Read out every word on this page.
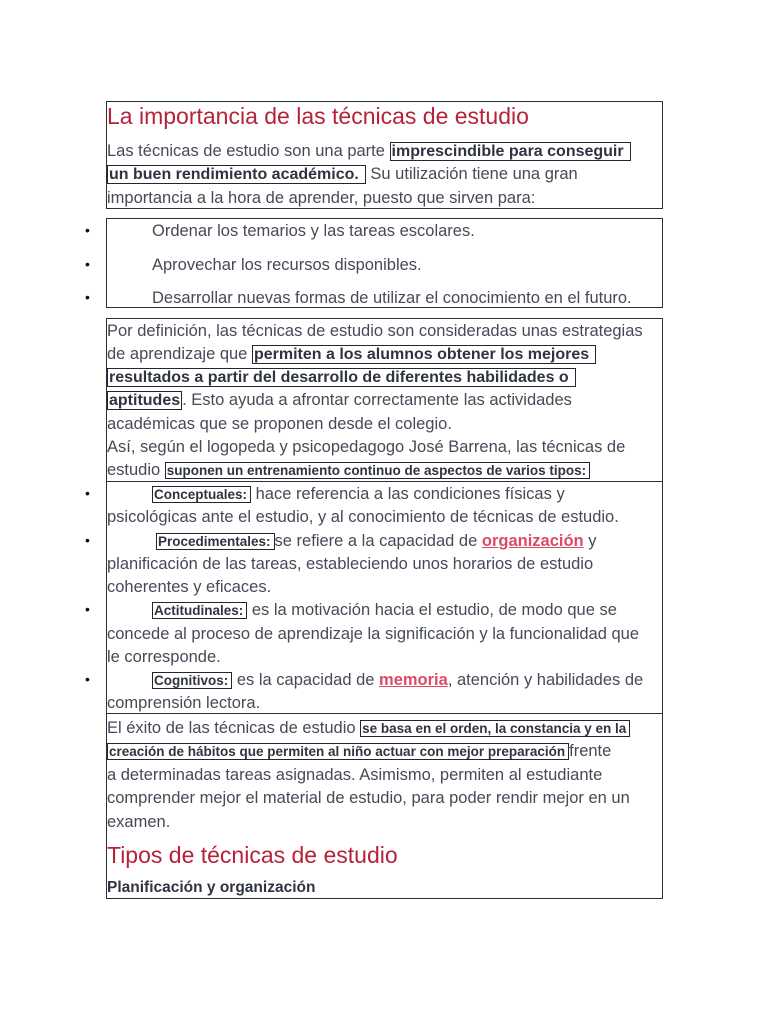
La importancia de las técnicas de estudio
Las técnicas de estudio son una parte imprescindible para conseguir
un buen rendimiento académico. Su utilización tiene una gran
importancia a la hora de aprender, puesto que sirven para:
•	Ordenar los temarios y las tareas escolares.
•	Aprovechar los recursos disponibles.
•	Desarrollar nuevas formas de utilizar el conocimiento en el futuro.
Por definición, las técnicas de estudio son consideradas unas estrategias
de aprendizaje que permiten a los alumnos obtener los mejores
resultados a partir del desarrollo de diferentes habilidades o
aptitudes . Esto ayuda a afrontar correctamente las actividades
académicas que se proponen desde el colegio.
Así, según el logopeda y psicopedagogo José Barrena, las técnicas de
estudio suponen un entrenamiento continuo de aspectos de varios tipos:
•	Conceptuales: hace referencia a las condiciones físicas y
psicológicas ante el estudio, y al conocimiento de técnicas de estudio.
•	Procedimentales: se refiere a la capacidad de organización y
planificación de las tareas, estableciendo unos horarios de estudio
coherentes y eficaces.
•	Actitudinales: es la motivación hacia el estudio, de modo que se
concede al proceso de aprendizaje la significación y la funcionalidad que
le corresponde.
•	Cognitivos: es la capacidad de memoria, atención y habilidades de
comprensión lectora.
El éxito de las técnicas de estudio se basa en el orden, la constancia y en la
creación de hábitos que permiten al niño actuar con mejor preparación frente
a determinadas tareas asignadas. Asimismo, permiten al estudiante
comprender mejor el material de estudio, para poder rendir mejor en un
examen.
Tipos de técnicas de estudio
Planificación y organización
